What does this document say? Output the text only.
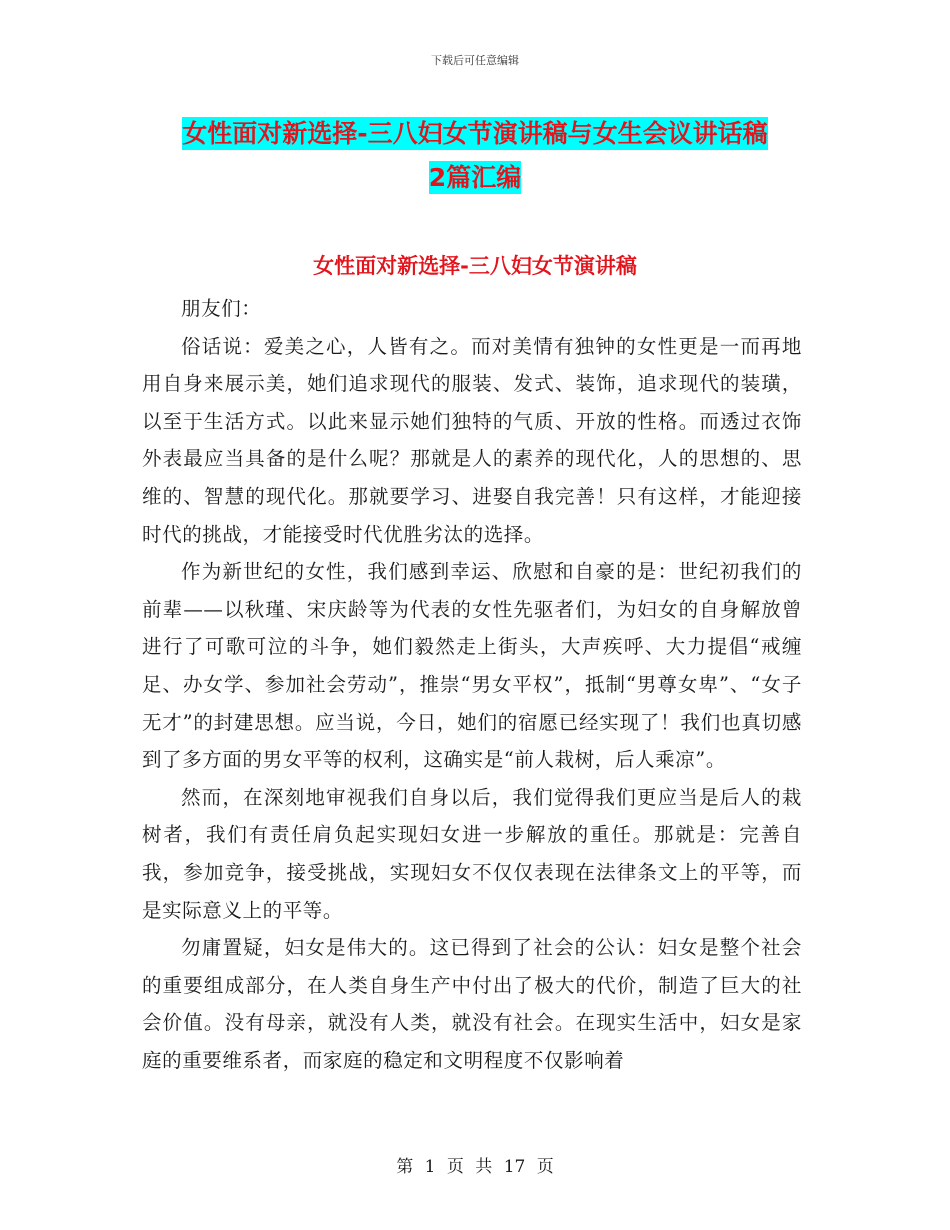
下载后可任意编辑
女性面对新选择-三八妇女节演讲稿与女生会议讲话稿
2篇汇编
女性面对新选择-三八妇女节演讲稿

朋友们：

俗话说：爱美之心，人皆有之。而对美情有独钟的女性更是一而再地用自身来展示美，她们追求现代的服装、发式、装饰，追求现代的装璜，以至于生活方式。以此来显示她们独特的气质、开放的性格。而透过衣饰外表最应当具备的是什么呢？那就是人的素养的现代化，人的思想的、思维的、智慧的现代化。那就要学习、进娶自我完善！只有这样，才能迎接时代的挑战，才能接受时代优胜劣汰的选择。

作为新世纪的女性，我们感到幸运、欣慰和自豪的是：世纪初我们的前辈——以秋瑾、宋庆龄等为代表的女性先驱者们，为妇女的自身解放曾进行了可歌可泣的斗争，她们毅然走上街头，大声疾呼、大力提倡“戒缠足、办女学、参加社会劳动”，推崇“男女平权”，抵制“男尊女卑”、“女子无才”的封建思想。应当说，今日，她们的宿愿已经实现了！我们也真切感到了多方面的男女平等的权利，这确实是“前人栽树，后人乘凉”。

然而，在深刻地审视我们自身以后，我们觉得我们更应当是后人的栽树者，我们有责任肩负起实现妇女进一步解放的重任。那就是：完善自我，参加竞争，接受挑战，实现妇女不仅仅表现在法律条文上的平等，而是实际意义上的平等。

勿庸置疑，妇女是伟大的。这已得到了社会的公认：妇女是整个社会的重要组成部分，在人类自身生产中付出了极大的代价，制造了巨大的社会价值。没有母亲，就没有人类，就没有社会。在现实生活中，妇女是家庭的重要维系者，而家庭的稳定和文明程度不仅影响着

第 1 页 共 17 页
